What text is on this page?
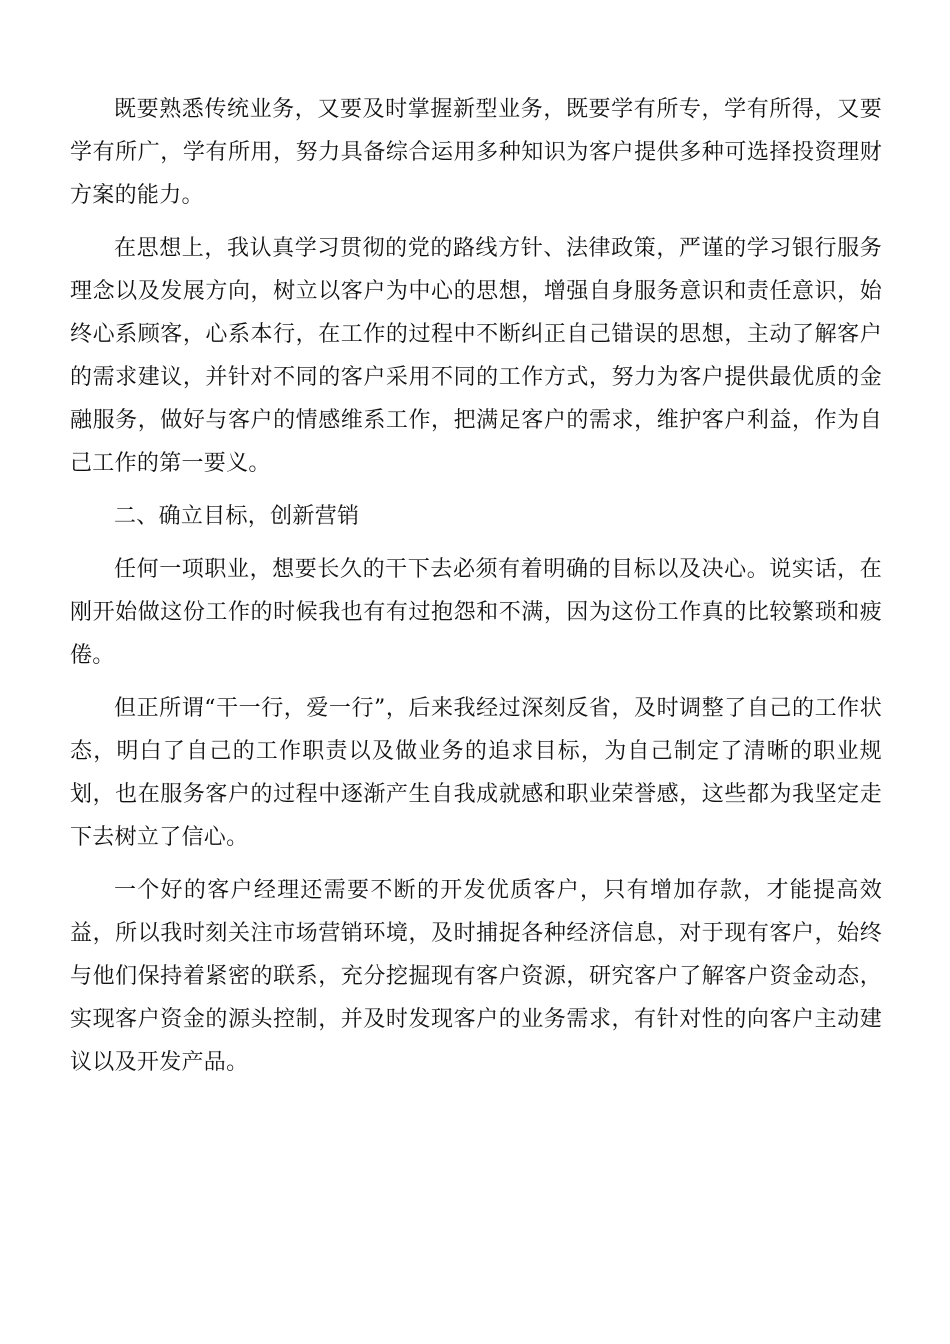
既要熟悉传统业务，又要及时掌握新型业务，既要学有所专，学有所得，又要学有所广，学有所用，努力具备综合运用多种知识为客户提供多种可选择投资理财方案的能力。

在思想上，我认真学习贯彻的党的路线方针、法律政策，严谨的学习银行服务理念以及发展方向，树立以客户为中心的思想，增强自身服务意识和责任意识，始终心系顾客，心系本行，在工作的过程中不断纠正自己错误的思想，主动了解客户的需求建议，并针对不同的客户采用不同的工作方式，努力为客户提供最优质的金融服务，做好与客户的情感维系工作，把满足客户的需求，维护客户利益，作为自己工作的第一要义。

二、确立目标，创新营销

任何一项职业，想要长久的干下去必须有着明确的目标以及决心。说实话，在刚开始做这份工作的时候我也有有过抱怨和不满，因为这份工作真的比较繁琐和疲倦。

但正所谓“干一行，爱一行”，后来我经过深刻反省，及时调整了自己的工作状态，明白了自己的工作职责以及做业务的追求目标，为自己制定了清晰的职业规划，也在服务客户的过程中逐渐产生自我成就感和职业荣誉感，这些都为我坚定走下去树立了信心。

一个好的客户经理还需要不断的开发优质客户，只有增加存款，才能提高效益，所以我时刻关注市场营销环境，及时捕捉各种经济信息，对于现有客户，始终与他们保持着紧密的联系，充分挖掘现有客户资源，研究客户了解客户资金动态，实现客户资金的源头控制，并及时发现客户的业务需求，有针对性的向客户主动建议以及开发产品。
